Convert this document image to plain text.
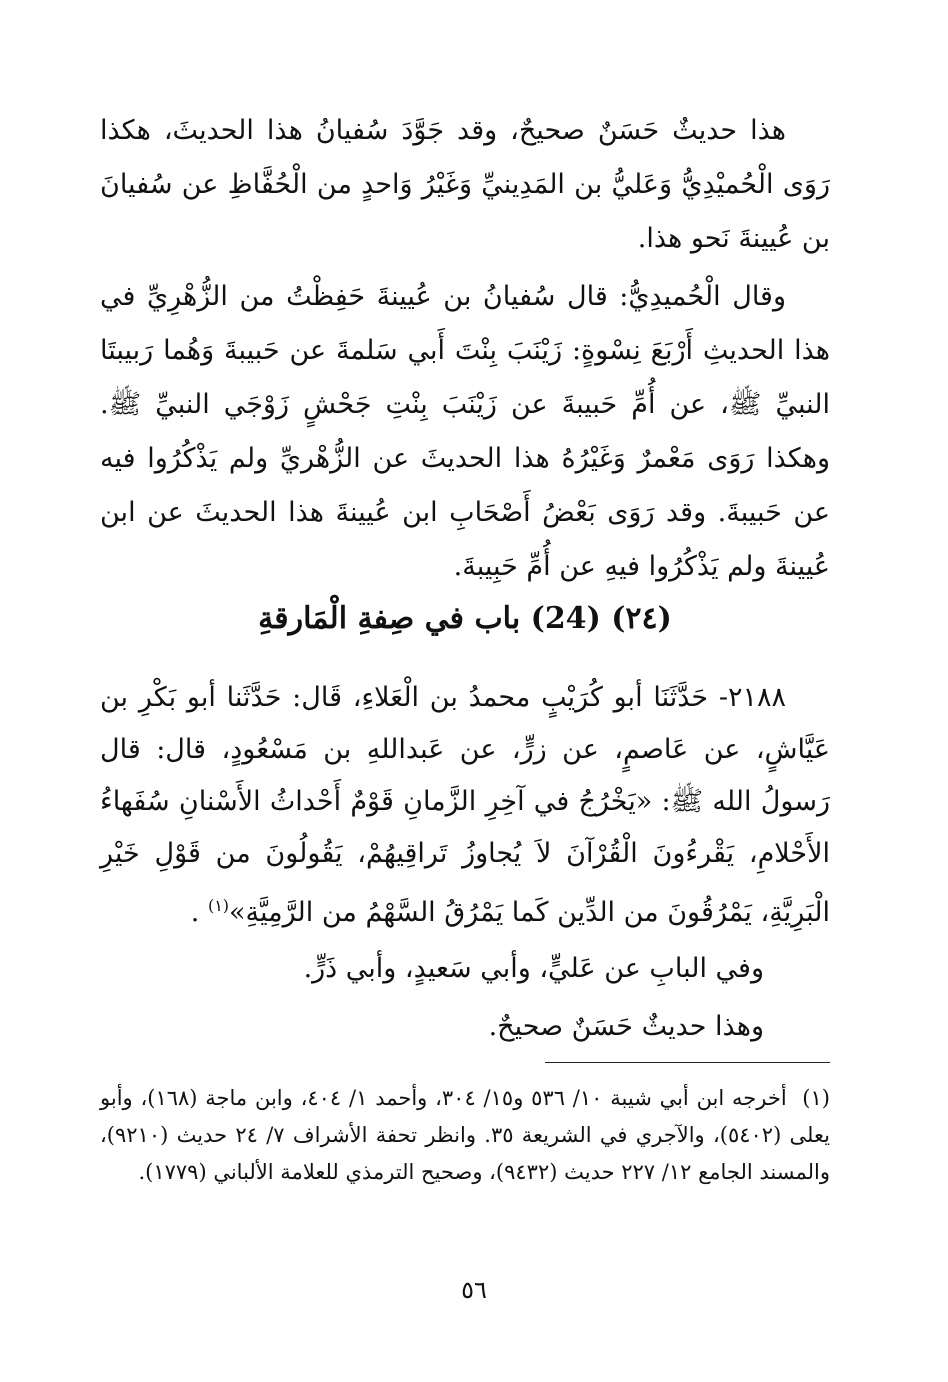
هذا حديثٌ حَسَنٌ صحيحٌ، وقد جَوَّدَ سُفيانُ هذا الحديثَ، هكذا رَوَى الْحُميْدِيُّ وَعَليُّ بن المَدِينيِّ وَغَيْرُ وَاحدٍ من الْحُفَّاظِ عن سُفيانَ بن عُيينةَ نَحو هذا.

وقال الْحُميدِيُّ: قال سُفيانُ بن عُيينةَ حَفِظْتُ من الزُّهْرِيِّ في هذا الحديثِ أَرْبَعَ نِسْوةٍ: زَيْنَبَ بِنْتَ أَبي سَلمةَ عن حَبيبةَ وَهُما رَبيبتَا النبيِّ ﷺ، عن أُمِّ حَبيبةَ عن زَيْنَبَ بِنْتِ جَحْشٍ زَوْجَي النبيِّ ﷺ. وهكذا رَوَى مَعْمرٌ وَغَيْرُهُ هذا الحديثَ عن الزُّهْريِّ ولم يَذْكُرُوا فيه عن حَبيبةَ. وقد رَوَى بَعْضُ أَصْحَابِ ابن عُيينةَ هذا الحديثَ عن ابن عُيينةَ ولم يَذْكُرُوا فيهِ عن أُمِّ حَبِيبةَ.

(٢٤) (24) باب في صِفةِ الْمَارقةِ

٢١٨٨- حَدَّثَنَا أبو كُرَيْبٍ محمدُ بن الْعَلاءِ، قَال: حَدَّثَنا أبو بَكْرِ بن عَيَّاشٍ، عن عَاصمٍ، عن زرٍّ، عن عَبداللهِ بن مَسْعُودٍ، قال: قال رَسولُ الله ﷺ: «يَخْرُجُ في آخِرِ الزَّمانِ قَوْمٌ أَحْداثُ الأَسْنانِ سُفَهاءُ الأَحْلامِ، يَقْرءُونَ الْقُرْآنَ لاَ يُجاوزُ تَراقِيهُمْ، يَقُولُونَ من قَوْلِ خَيْرِ الْبَرِيَّةِ، يَمْرُقُونَ من الدِّين كَما يَمْرُقُ السَّهْمُ من الرَّمِيَّةِ»$^{(١)}$ .

وفي البابِ عن عَليٍّ، وأبي سَعيدٍ، وأبي ذَرٍّ.

وهذا حديثٌ حَسَنٌ صحيحٌ.

(١)  أخرجه ابن أبي شيبة ١٠/ ٥٣٦ و١٥/ ٣٠٤، وأحمد ١/ ٤٠٤، وابن ماجة (١٦٨)، وأبو يعلى (٥٤٠٢)، والآجري في الشريعة ٣٥. وانظر تحفة الأشراف ٧/ ٢٤ حديث (٩٢١٠)، والمسند الجامع ١٢/ ٢٢٧ حديث (٩٤٣٢)، وصحيح الترمذي للعلامة الألباني (١٧٧٩).

٥٦
